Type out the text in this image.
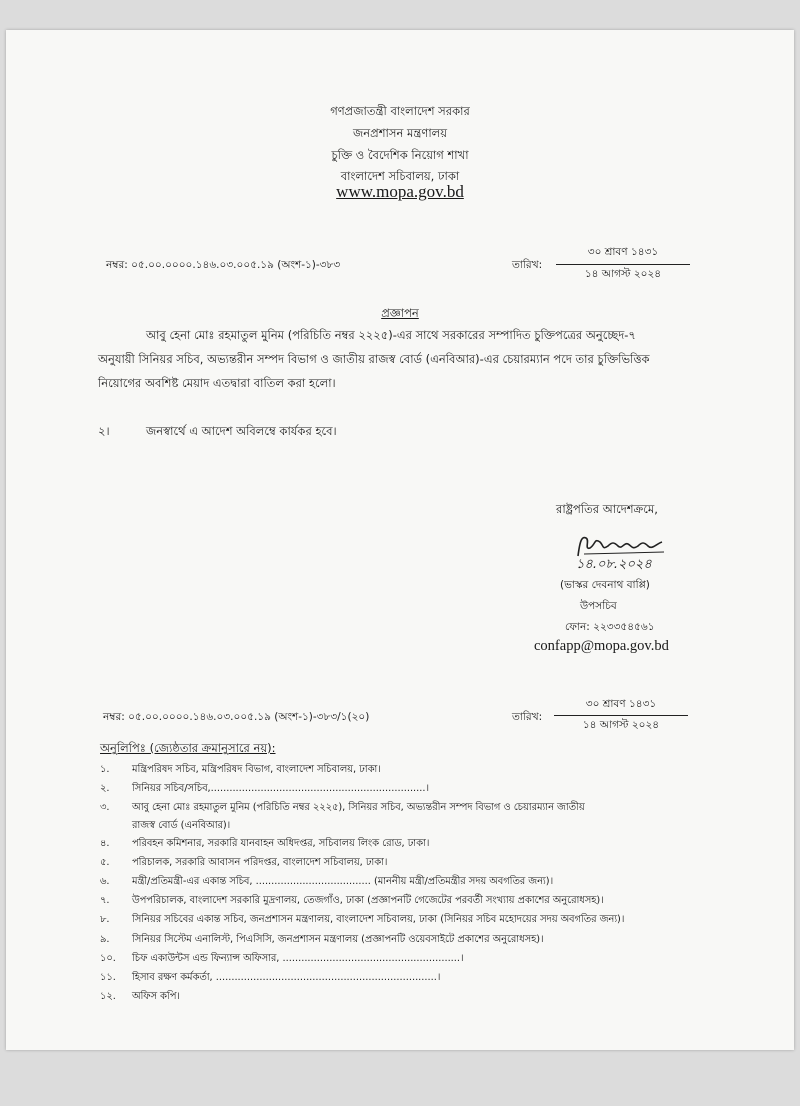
গণপ্রজাতন্ত্রী বাংলাদেশ সরকার
জনপ্রশাসন মন্ত্রণালয়
চুক্তি ও বৈদেশিক নিয়োগ শাখা
বাংলাদেশ সচিবালয়, ঢাকা
www.mopa.gov.bd
নম্বর: ০৫.০০.০০০০.১৪৬.০৩.০০৫.১৯ (অংশ-১)-৩৮৩	তারিখ:
৩০ শ্রাবণ ১৪৩১
১৪ আগস্ট ২০২৪
প্রজ্ঞাপন
আবু হেনা মোঃ রহমাতুল মুনিম (পরিচিতি নম্বর ২২২৫)-এর সাথে সরকারের সম্পাদিত চুক্তিপত্রের অনুচ্ছেদ-৭
অনুযায়ী সিনিয়র সচিব, অভ্যন্তরীন সম্পদ বিভাগ ও জাতীয় রাজস্ব বোর্ড (এনবিআর)-এর চেয়ারম্যান পদে তার চুক্তিভিত্তিক
নিয়োগের অবশিষ্ট মেয়াদ এতদ্বারা বাতিল করা হলো।
২।	জনস্বার্থে এ আদেশ অবিলম্বে কার্যকর হবে।
রাষ্ট্রপতির আদেশক্রমে,
১৪.০৮.২০২৪
(ভাস্কর দেবনাথ বাপ্পি)
উপসচিব
ফোন: ২২৩৩৫৪৫৬১
confapp@mopa.gov.bd
নম্বর: ০৫.০০.০০০০.১৪৬.০৩.০০৫.১৯ (অংশ-১)-৩৮৩/১(২০)	তারিখ:
৩০ শ্রাবণ ১৪৩১
১৪ আগস্ট ২০২৪
অনুলিপিঃ (জ্যেষ্ঠতার ক্রমানুসারে নয়):
১.	মন্ত্রিপরিষদ সচিব, মন্ত্রিপরিষদ বিভাগ, বাংলাদেশ সচিবালয়, ঢাকা।
২.	সিনিয়র সচিব/সচিব,.....................................................................।
৩.	আবু হেনা মোঃ রহমাতুল মুনিম (পরিচিতি নম্বর ২২২৫), সিনিয়র সচিব, অভ্যন্তরীন সম্পদ বিভাগ ও চেয়ারম্যান জাতীয়
রাজস্ব বোর্ড (এনবিআর)।
৪.	পরিবহন কমিশনার, সরকারি যানবাহন অধিদপ্তর, সচিবালয় লিংক রোড, ঢাকা।
৫.	পরিচালক, সরকারি আবাসন পরিদপ্তর, বাংলাদেশ সচিবালয়, ঢাকা।
৬.	মন্ত্রী/প্রতিমন্ত্রী-এর একান্ত সচিব, ..................................... (মাননীয় মন্ত্রী/প্রতিমন্ত্রীর সদয় অবগতির জন্য)।
৭.	উপপরিচালক, বাংলাদেশ সরকারি মুদ্রণালয়, তেজগাঁও, ঢাকা (প্রজ্ঞাপনটি গেজেটের পরবর্তী সংখ্যায় প্রকাশের অনুরোধসহ)।
৮.	সিনিয়র সচিবের একান্ত সচিব, জনপ্রশাসন মন্ত্রণালয়, বাংলাদেশ সচিবালয়, ঢাকা (সিনিয়র সচিব মহোদয়ের সদয় অবগতির জন্য)।
৯.	সিনিয়র সিস্টেম এনালিস্ট, পিএসিসি, জনপ্রশাসন মন্ত্রণালয় (প্রজ্ঞাপনটি ওয়েবসাইটে প্রকাশের অনুরোধসহ)।
১০.	চিফ একাউন্টস এন্ড ফিন্যান্স অফিসার, .........................................................।
১১.	হিসাব রক্ষণ কর্মকর্তা, .......................................................................।
১২.	অফিস কপি।
